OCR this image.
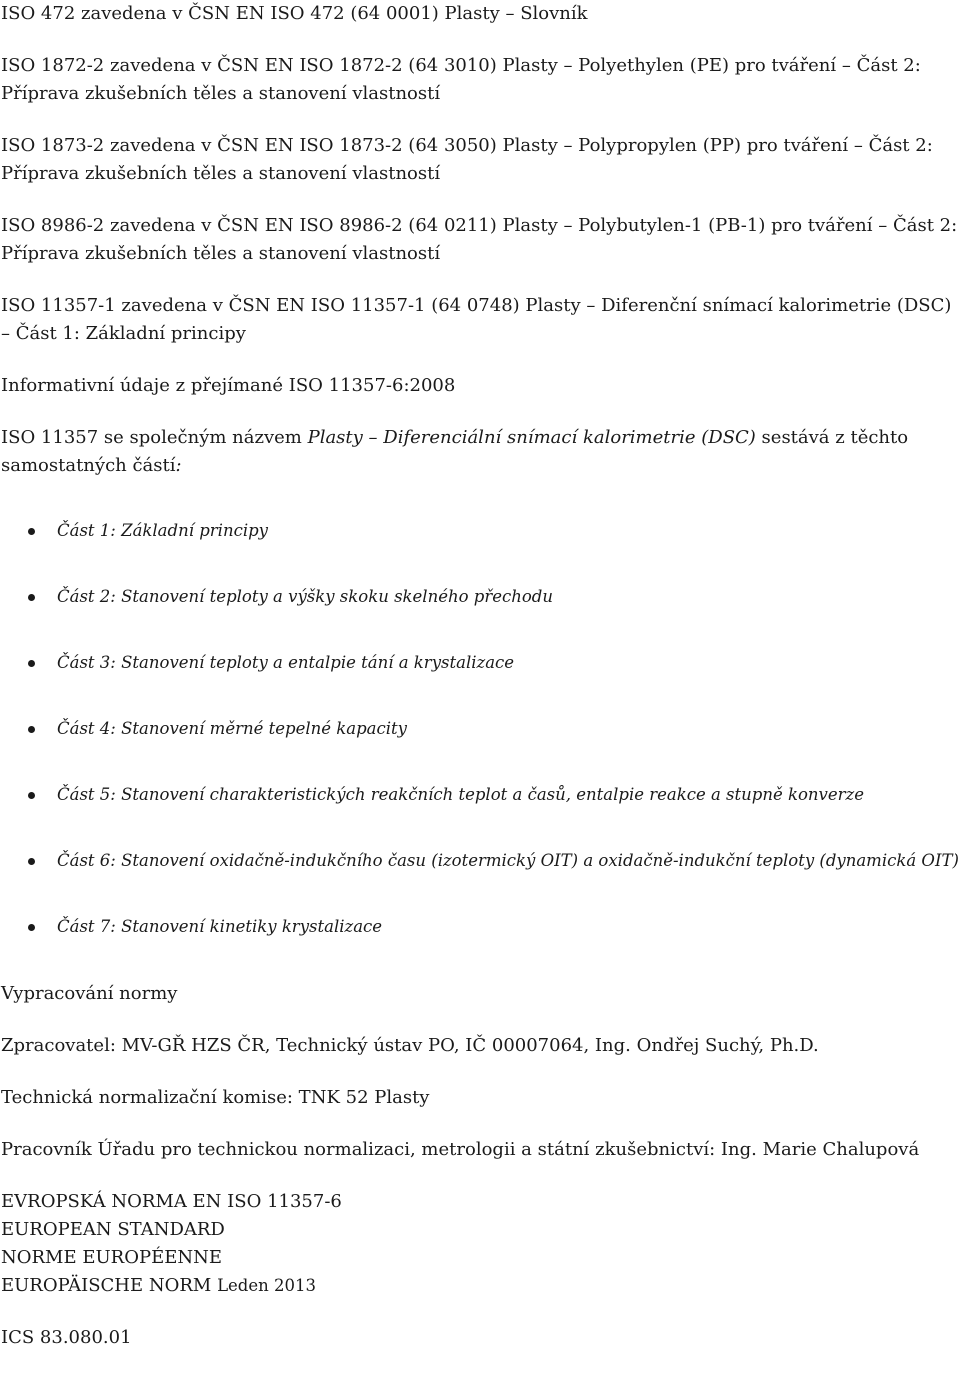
ISO 472 zavedena v ČSN EN ISO 472 (64 0001) Plasty – Slovník

ISO 1872-2 zavedena v ČSN EN ISO 1872-2 (64 3010) Plasty – Polyethylen (PE) pro tváření – Část 2: Příprava zkušebních těles a stanovení vlastností

ISO 1873-2 zavedena v ČSN EN ISO 1873-2 (64 3050) Plasty – Polypropylen (PP) pro tváření – Část 2: Příprava zkušebních těles a stanovení vlastností

ISO 8986-2 zavedena v ČSN EN ISO 8986-2 (64 0211) Plasty – Polybutylen-1 (PB-1) pro tváření – Část 2: Příprava zkušebních těles a stanovení vlastností

ISO 11357-1 zavedena v ČSN EN ISO 11357-1 (64 0748) Plasty – Diferenční snímací kalorimetrie (DSC) – Část 1: Základní principy

Informativní údaje z přejímané ISO 11357-6:2008

ISO 11357 se společným názvem Plasty – Diferenciální snímací kalorimetrie (DSC) sestává z těchto samostatných částí:

Část 1: Základní principy
Část 2: Stanovení teploty a výšky skoku skelného přechodu
Část 3: Stanovení teploty a entalpie tání a krystalizace
Část 4: Stanovení měrné tepelné kapacity
Část 5: Stanovení charakteristických reakčních teplot a časů, entalpie reakce a stupně konverze
Část 6: Stanovení oxidačně-indukčního času (izotermický OIT) a oxidačně-indukční teploty (dynamická OIT)
Část 7: Stanovení kinetiky krystalizace

Vypracování normy

Zpracovatel: MV-GŘ HZS ČR, Technický ústav PO, IČ 00007064, Ing. Ondřej Suchý, Ph.D.

Technická normalizační komise: TNK 52 Plasty

Pracovník Úřadu pro technickou normalizaci, metrologii a státní zkušebnictví: Ing. Marie Chalupová

EVROPSKÁ NORMA EN ISO 11357-6

EUROPEAN STANDARD

NORME EUROPÉENNE

EUROPÄISCHE NORM Leden 2013

ICS 83.080.01
